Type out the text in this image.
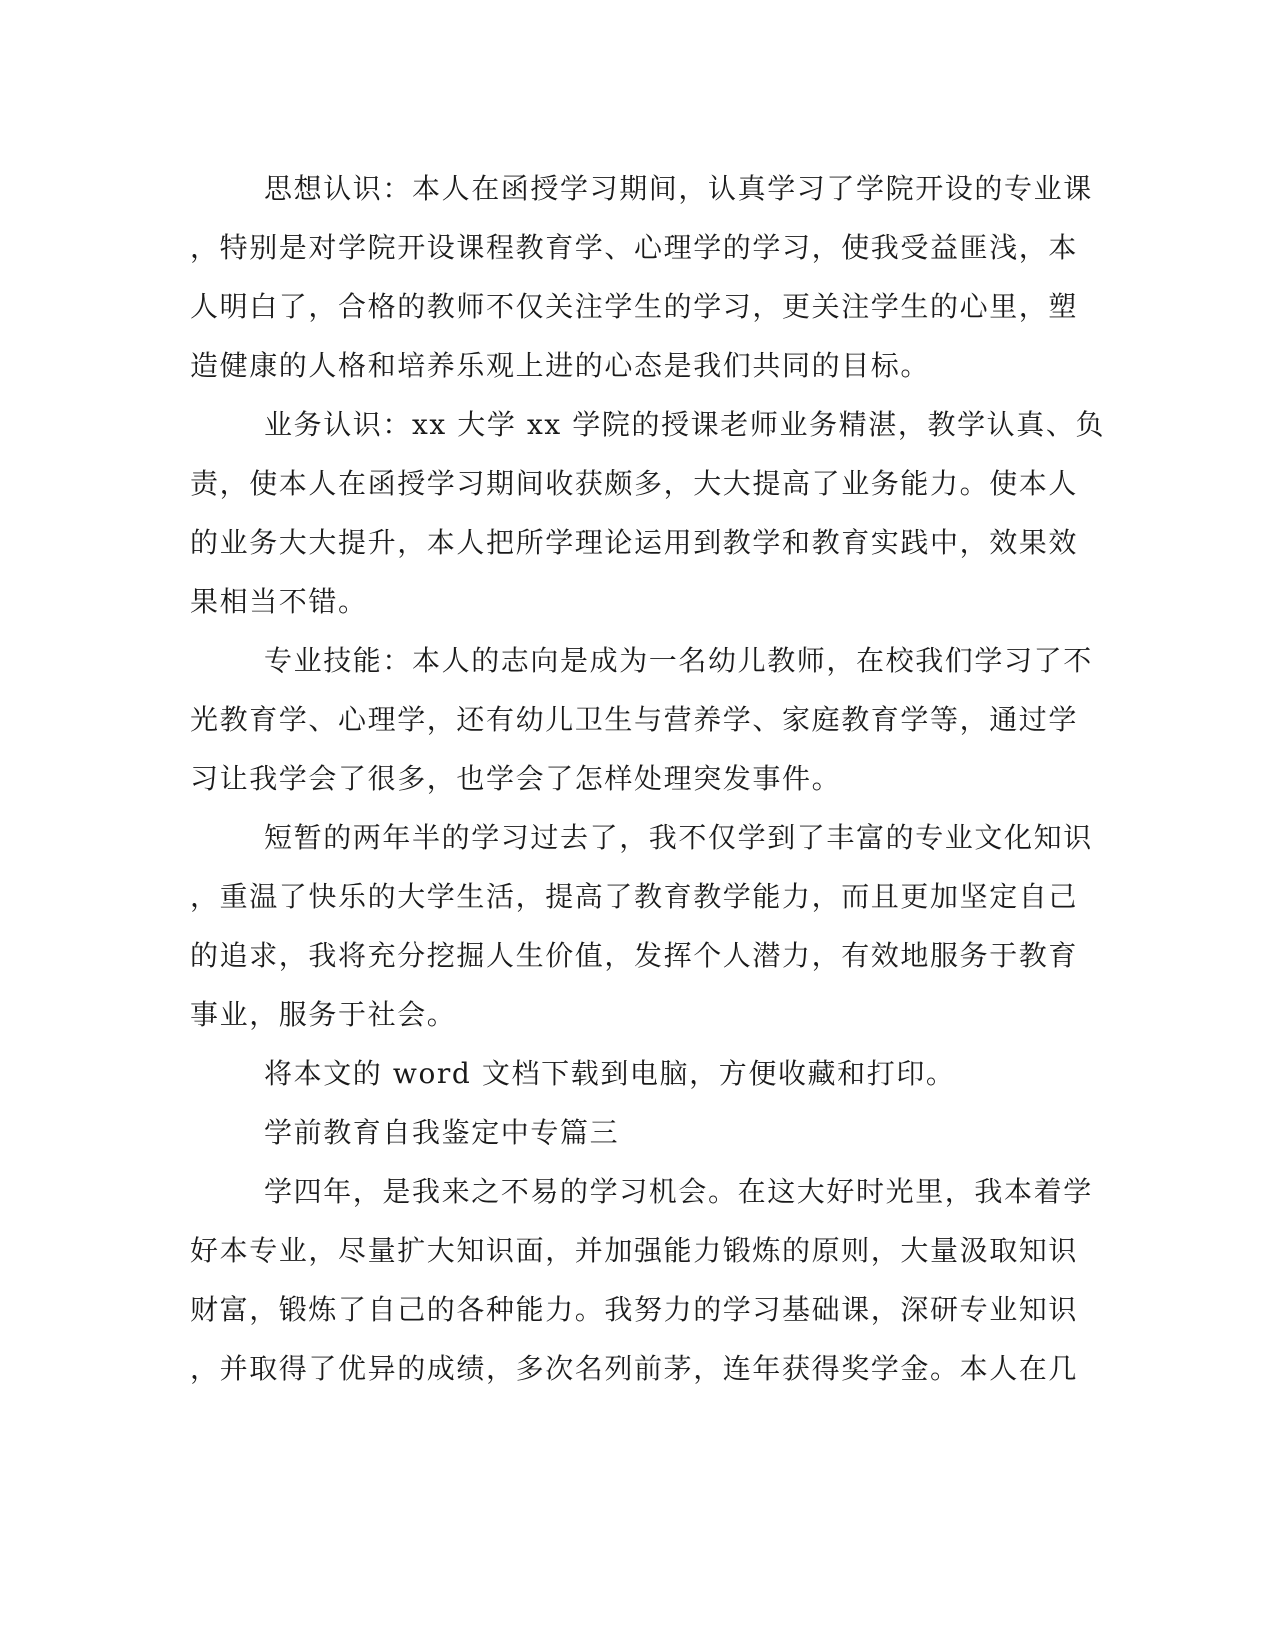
思想认识：本人在函授学习期间，认真学习了学院开设的专业课
，特别是对学院开设课程教育学、心理学的学习，使我受益匪浅，本
人明白了，合格的教师不仅关注学生的学习，更关注学生的心里，塑
造健康的人格和培养乐观上进的心态是我们共同的目标。
业务认识：xx 大学 xx 学院的授课老师业务精湛，教学认真、负
责，使本人在函授学习期间收获颇多，大大提高了业务能力。使本人
的业务大大提升，本人把所学理论运用到教学和教育实践中，效果效
果相当不错。
专业技能：本人的志向是成为一名幼儿教师，在校我们学习了不
光教育学、心理学，还有幼儿卫生与营养学、家庭教育学等，通过学
习让我学会了很多，也学会了怎样处理突发事件。
短暂的两年半的学习过去了，我不仅学到了丰富的专业文化知识
，重温了快乐的大学生活，提高了教育教学能力，而且更加坚定自己
的追求，我将充分挖掘人生价值，发挥个人潜力，有效地服务于教育
事业，服务于社会。
将本文的 word 文档下载到电脑，方便收藏和打印。
学前教育自我鉴定中专篇三
学四年，是我来之不易的学习机会。在这大好时光里，我本着学
好本专业，尽量扩大知识面，并加强能力锻炼的原则，大量汲取知识
财富，锻炼了自己的各种能力。我努力的学习基础课，深研专业知识
，并取得了优异的成绩，多次名列前茅，连年获得奖学金。本人在几
